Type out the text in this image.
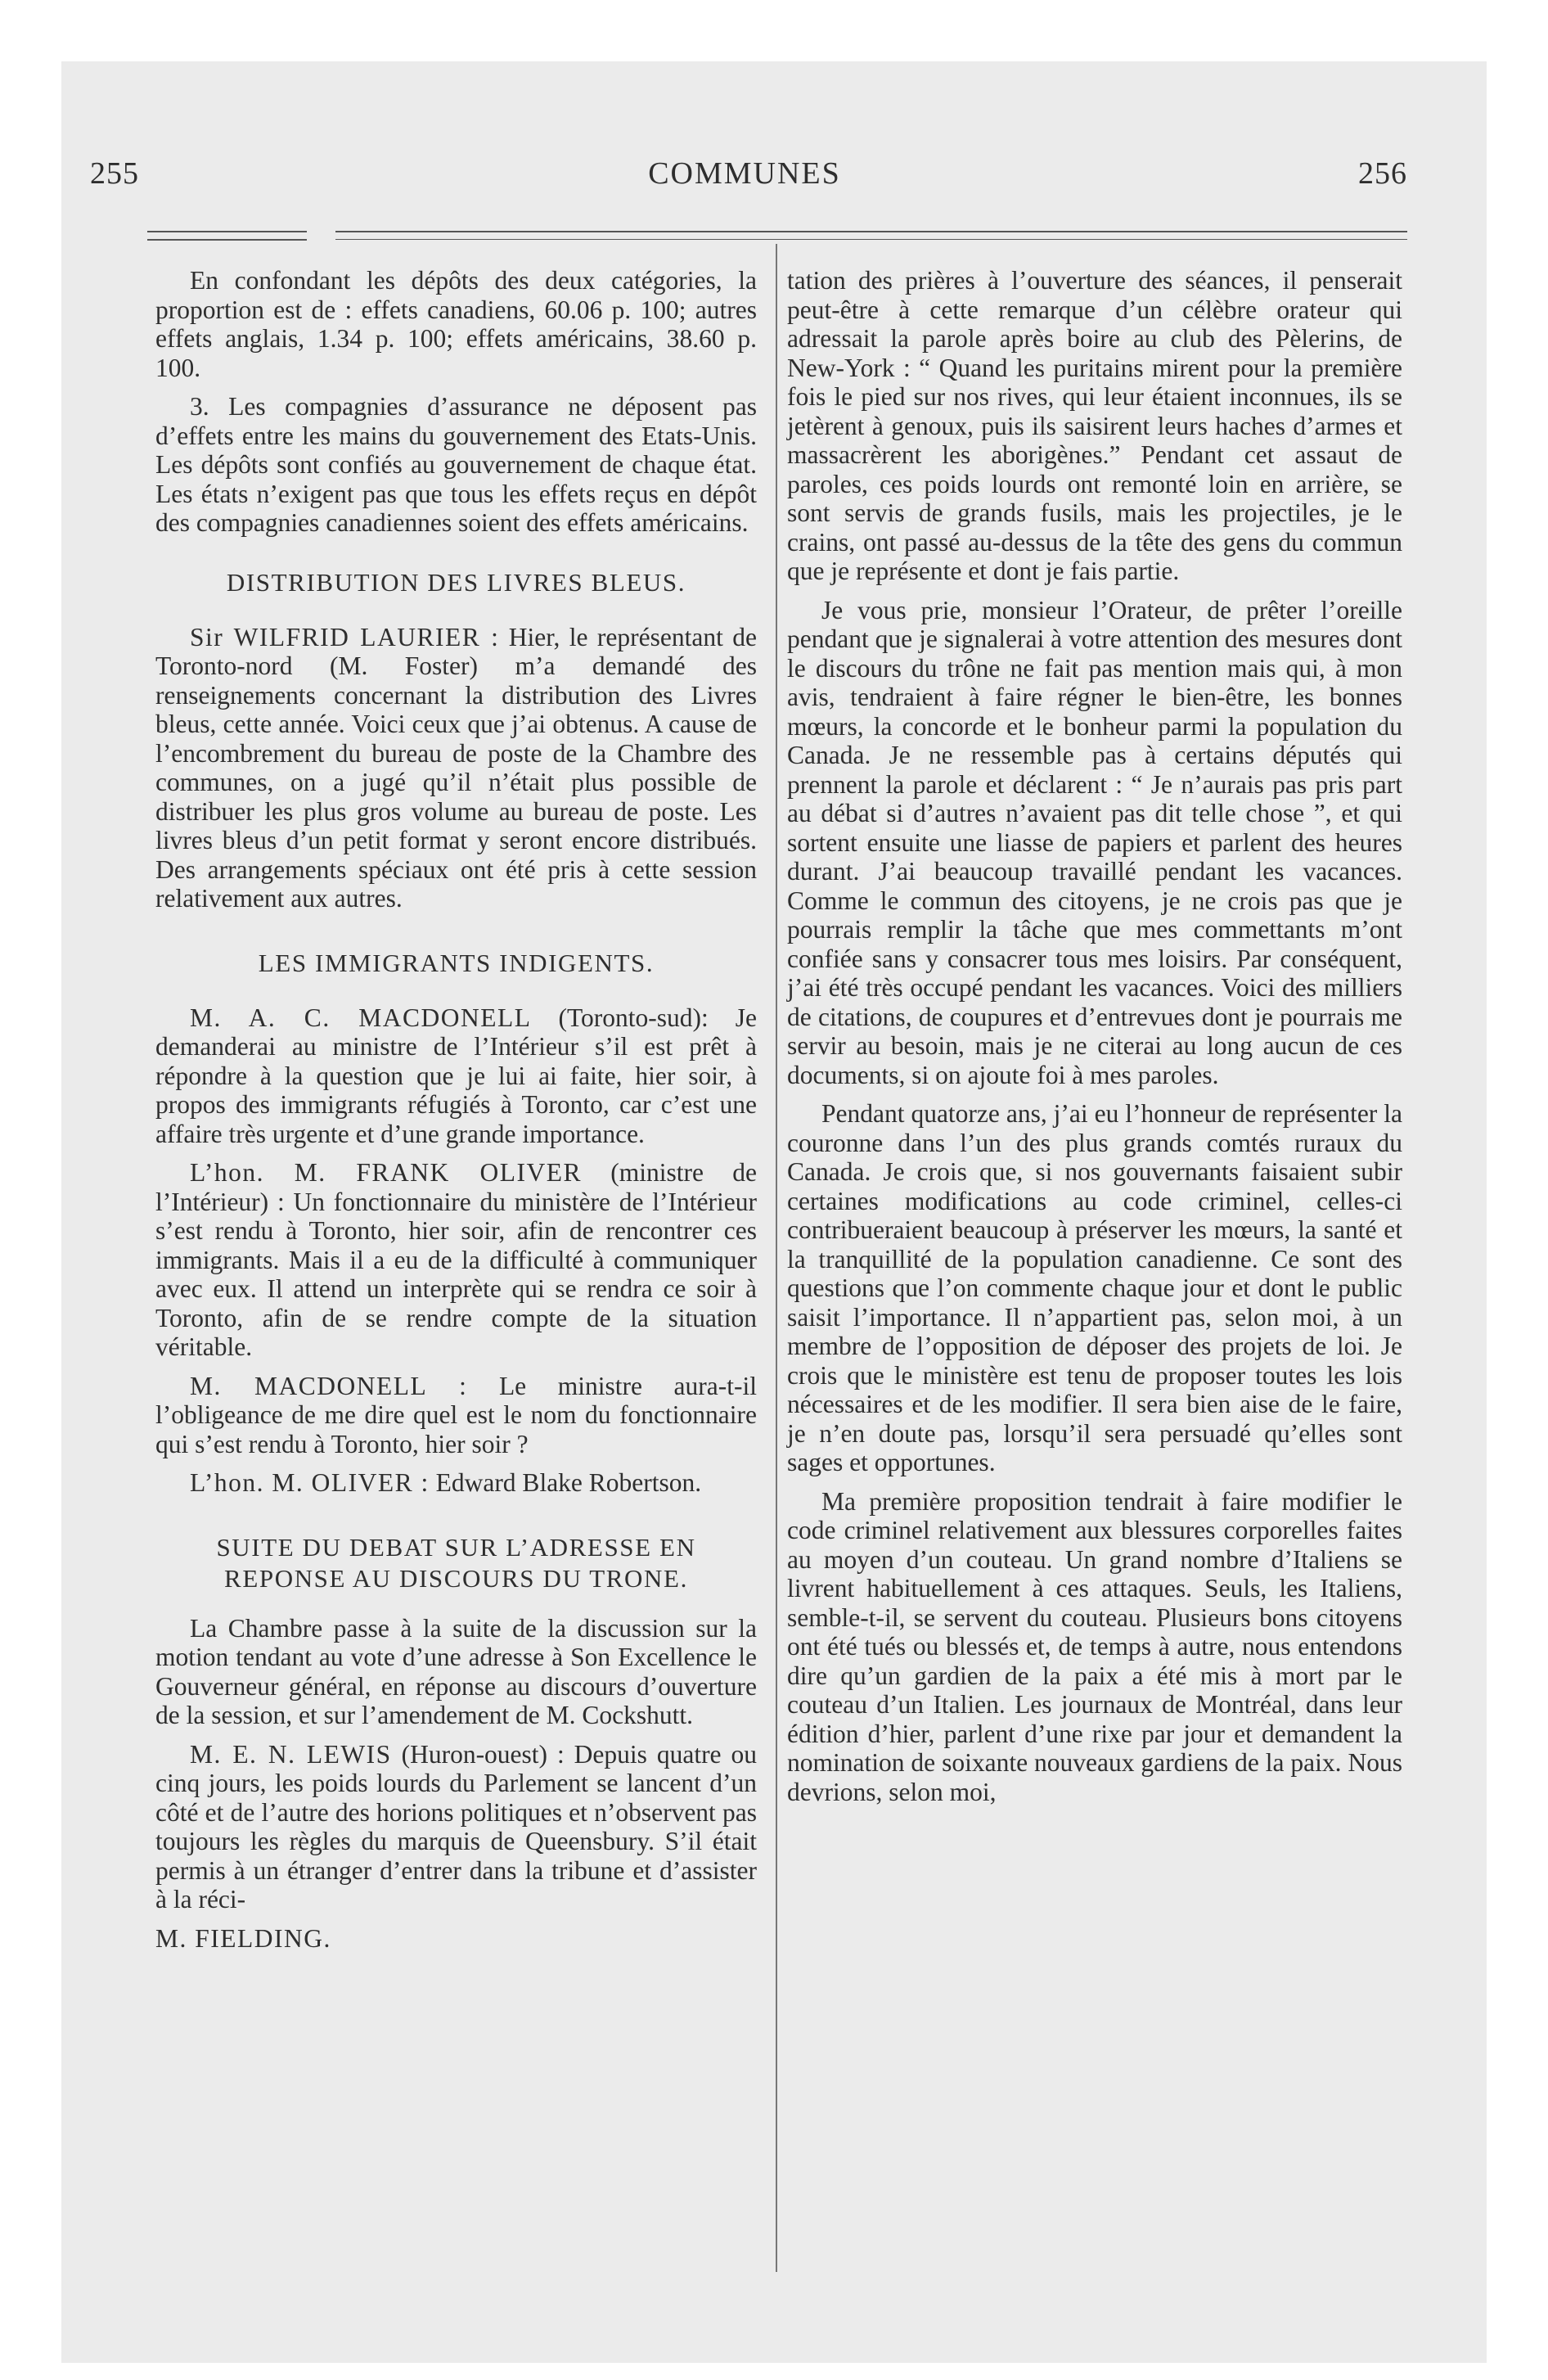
255	COMMUNES	256

En confondant les dépôts des deux catégories, la proportion est de : effets canadiens, 60.06 p. 100; autres effets anglais, 1.34 p. 100; effets américains, 38.60 p. 100.

3. Les compagnies d’assurance ne déposent pas d’effets entre les mains du gouvernement des Etats-Unis. Les dépôts sont confiés au gouvernement de chaque état. Les états n’exigent pas que tous les effets reçus en dépôt des compagnies canadiennes soient des effets américains.

DISTRIBUTION DES LIVRES BLEUS.

Sir WILFRID LAURIER : Hier, le représentant de Toronto-nord (M. Foster) m’a demandé des renseignements concernant la distribution des Livres bleus, cette année. Voici ceux que j’ai obtenus. A cause de l’encombrement du bureau de poste de la Chambre des communes, on a jugé qu’il n’était plus possible de distribuer les plus gros volume au bureau de poste. Les livres bleus d’un petit format y seront encore distribués. Des arrangements spéciaux ont été pris à cette session relativement aux autres.

LES IMMIGRANTS INDIGENTS.

M. A. C. MACDONELL (Toronto-sud): Je demanderai au ministre de l’Intérieur s’il est prêt à répondre à la question que je lui ai faite, hier soir, à propos des immigrants réfugiés à Toronto, car c’est une affaire très urgente et d’une grande importance.

L’hon. M. FRANK OLIVER (ministre de l’Intérieur) : Un fonctionnaire du ministère de l’Intérieur s’est rendu à Toronto, hier soir, afin de rencontrer ces immigrants. Mais il a eu de la difficulté à communiquer avec eux. Il attend un interprète qui se rendra ce soir à Toronto, afin de se rendre compte de la situation véritable.

M. MACDONELL : Le ministre aura-t-il l’obligeance de me dire quel est le nom du fonctionnaire qui s’est rendu à Toronto, hier soir ?

L’hon. M. OLIVER : Edward Blake Robertson.

SUITE DU DEBAT SUR L’ADRESSE EN
REPONSE AU DISCOURS DU TRONE.

La Chambre passe à la suite de la discussion sur la motion tendant au vote d’une adresse à Son Excellence le Gouverneur général, en réponse au discours d’ouverture de la session, et sur l’amendement de M. Cockshutt.

M. E. N. LEWIS (Huron-ouest) : Depuis quatre ou cinq jours, les poids lourds du Parlement se lancent d’un côté et de l’autre des horions politiques et n’observent pas toujours les règles du marquis de Queensbury. S’il était permis à un étranger d’entrer dans la tribune et d’assister à la réci-

M. FIELDING.

tation des prières à l’ouverture des séances, il penserait peut-être à cette remarque d’un célèbre orateur qui adressait la parole après boire au club des Pèlerins, de New-York : “ Quand les puritains mirent pour la première fois le pied sur nos rives, qui leur étaient inconnues, ils se jetèrent à genoux, puis ils saisirent leurs haches d’armes et massacrèrent les aborigènes.” Pendant cet assaut de paroles, ces poids lourds ont remonté loin en arrière, se sont servis de grands fusils, mais les projectiles, je le crains, ont passé au-dessus de la tête des gens du commun que je représente et dont je fais partie.

Je vous prie, monsieur l’Orateur, de prêter l’oreille pendant que je signalerai à votre attention des mesures dont le discours du trône ne fait pas mention mais qui, à mon avis, tendraient à faire régner le bien-être, les bonnes mœurs, la concorde et le bonheur parmi la population du Canada. Je ne ressemble pas à certains députés qui prennent la parole et déclarent : “ Je n’aurais pas pris part au débat si d’autres n’avaient pas dit telle chose ”, et qui sortent ensuite une liasse de papiers et parlent des heures durant. J’ai beaucoup travaillé pendant les vacances. Comme le commun des citoyens, je ne crois pas que je pourrais remplir la tâche que mes commettants m’ont confiée sans y consacrer tous mes loisirs. Par conséquent, j’ai été très occupé pendant les vacances. Voici des milliers de citations, de coupures et d’entrevues dont je pourrais me servir au besoin, mais je ne citerai au long aucun de ces documents, si on ajoute foi à mes paroles.

Pendant quatorze ans, j’ai eu l’honneur de représenter la couronne dans l’un des plus grands comtés ruraux du Canada. Je crois que, si nos gouvernants faisaient subir certaines modifications au code criminel, celles-ci contribueraient beaucoup à préserver les mœurs, la santé et la tranquillité de la population canadienne. Ce sont des questions que l’on commente chaque jour et dont le public saisit l’importance. Il n’appartient pas, selon moi, à un membre de l’opposition de déposer des projets de loi. Je crois que le ministère est tenu de proposer toutes les lois nécessaires et de les modifier. Il sera bien aise de le faire, je n’en doute pas, lorsqu’il sera persuadé qu’elles sont sages et opportunes.

Ma première proposition tendrait à faire modifier le code criminel relativement aux blessures corporelles faites au moyen d’un couteau. Un grand nombre d’Italiens se livrent habituellement à ces attaques. Seuls, les Italiens, semble-t-il, se servent du couteau. Plusieurs bons citoyens ont été tués ou blessés et, de temps à autre, nous entendons dire qu’un gardien de la paix a été mis à mort par le couteau d’un Italien. Les journaux de Montréal, dans leur édition d’hier, parlent d’une rixe par jour et demandent la nomination de soixante nouveaux gardiens de la paix. Nous devrions, selon moi,
